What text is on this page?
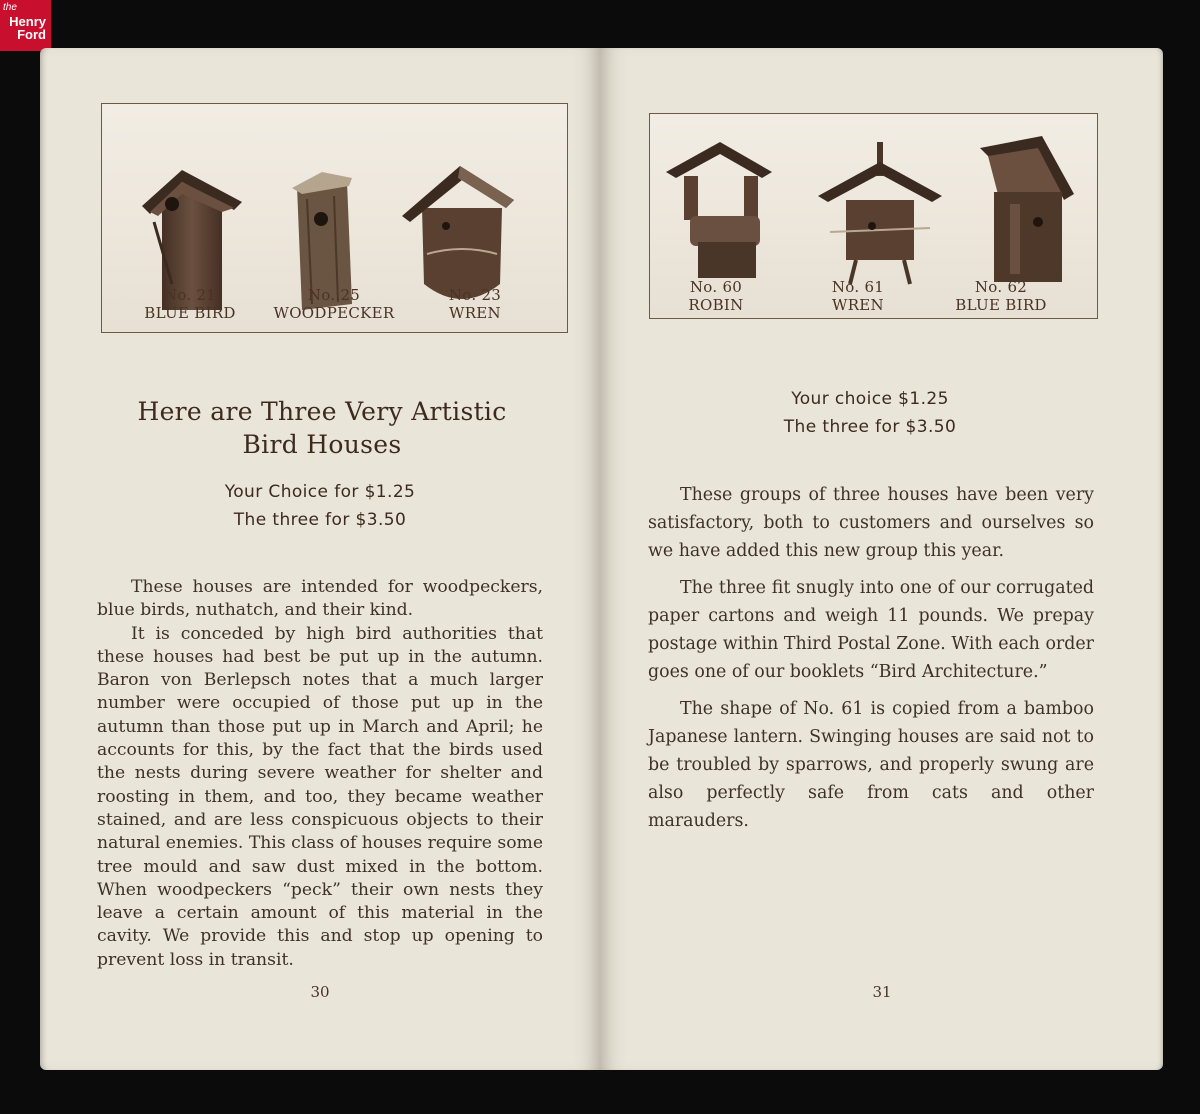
the
Henry
Ford
No. 21
BLUE BIRD
No. 25
WOODPECKER
No. 23
WREN
Here are Three Very Artistic
Bird Houses
Your Choice for $1.25
The three for $3.50

These houses are intended for woodpeckers, blue birds, nuthatch, and their kind.

It is conceded by high bird authorities that these houses had best be put up in the autumn. Baron von Berlepsch notes that a much larger number were occupied of those put up in the autumn than those put up in March and April; he accounts for this, by the fact that the birds used the nests during severe weather for shelter and roosting in them, and too, they became weather stained, and are less conspicuous objects to their natural enemies. This class of houses require some tree mould and saw dust mixed in the bottom. When woodpeckers “peck” their own nests they leave a certain amount of this material in the cavity. We provide this and stop up opening to prevent loss in transit.

30
No. 60
ROBIN
No. 61
WREN
No. 62
BLUE BIRD
Your choice $1.25
The three for $3.50

These groups of three houses have been very satisfactory, both to customers and ourselves so we have added this new group this year.

The three fit snugly into one of our corrugated paper cartons and weigh 11 pounds. We prepay postage within Third Postal Zone. With each order goes one of our booklets “Bird Architecture.”

The shape of No. 61 is copied from a bamboo Japanese lantern. Swinging houses are said not to be troubled by sparrows, and properly swung are also perfectly safe from cats and other marauders.

31
